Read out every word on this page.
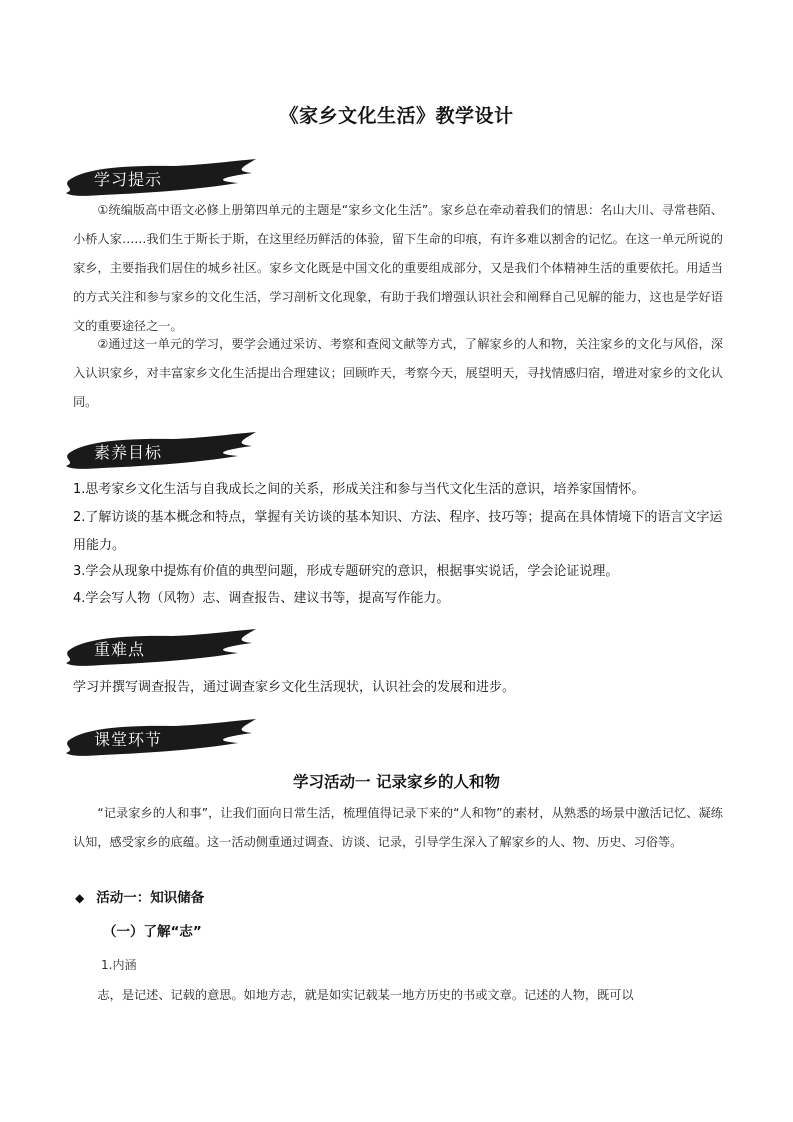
《家乡文化生活》教学设计
学习提示
①统编版高中语文必修上册第四单元的主题是“家乡文化生活”。家乡总在牵动着我们的情思：名山大川、寻常巷陌、小桥人家……我们生于斯长于斯，在这里经历鲜活的体验，留下生命的印痕，有许多难以割舍的记忆。在这一单元所说的家乡，主要指我们居住的城乡社区。家乡文化既是中国文化的重要组成部分，又是我们个体精神生活的重要依托。用适当的方式关注和参与家乡的文化生活，学习剖析文化现象，有助于我们增强认识社会和阐释自己见解的能力，这也是学好语文的重要途径之一。
②通过这一单元的学习，要学会通过采访、考察和查阅文献等方式，了解家乡的人和物，关注家乡的文化与风俗，深入认识家乡，对丰富家乡文化生活提出合理建议；回顾昨天，考察今天，展望明天，寻找情感归宿，增进对家乡的文化认同。
素养目标
1.思考家乡文化生活与自我成长之间的关系，形成关注和参与当代文化生活的意识，培养家国情怀。
2.了解访谈的基本概念和特点，掌握有关访谈的基本知识、方法、程序、技巧等；提高在具体情境下的语言文字运用能力。
3.学会从现象中提炼有价值的典型问题，形成专题研究的意识，根据事实说话，学会论证说理。
4.学会写人物（风物）志、调查报告、建议书等，提高写作能力。
重难点
学习并撰写调查报告，通过调查家乡文化生活现状，认识社会的发展和进步。
课堂环节
学习活动一 记录家乡的人和物
“记录家乡的人和事”，让我们面向日常生活，梳理值得记录下来的“人和物”的素材，从熟悉的场景中激活记忆、凝练认知，感受家乡的底蕴。这一活动侧重通过调查、访谈、记录，引导学生深入了解家乡的人、物、历史、习俗等。
◆ 活动一：知识储备
（一）了解“志”
1.内涵
志，是记述、记载的意思。如地方志，就是如实记载某一地方历史的书或文章。记述的人物，既可以
